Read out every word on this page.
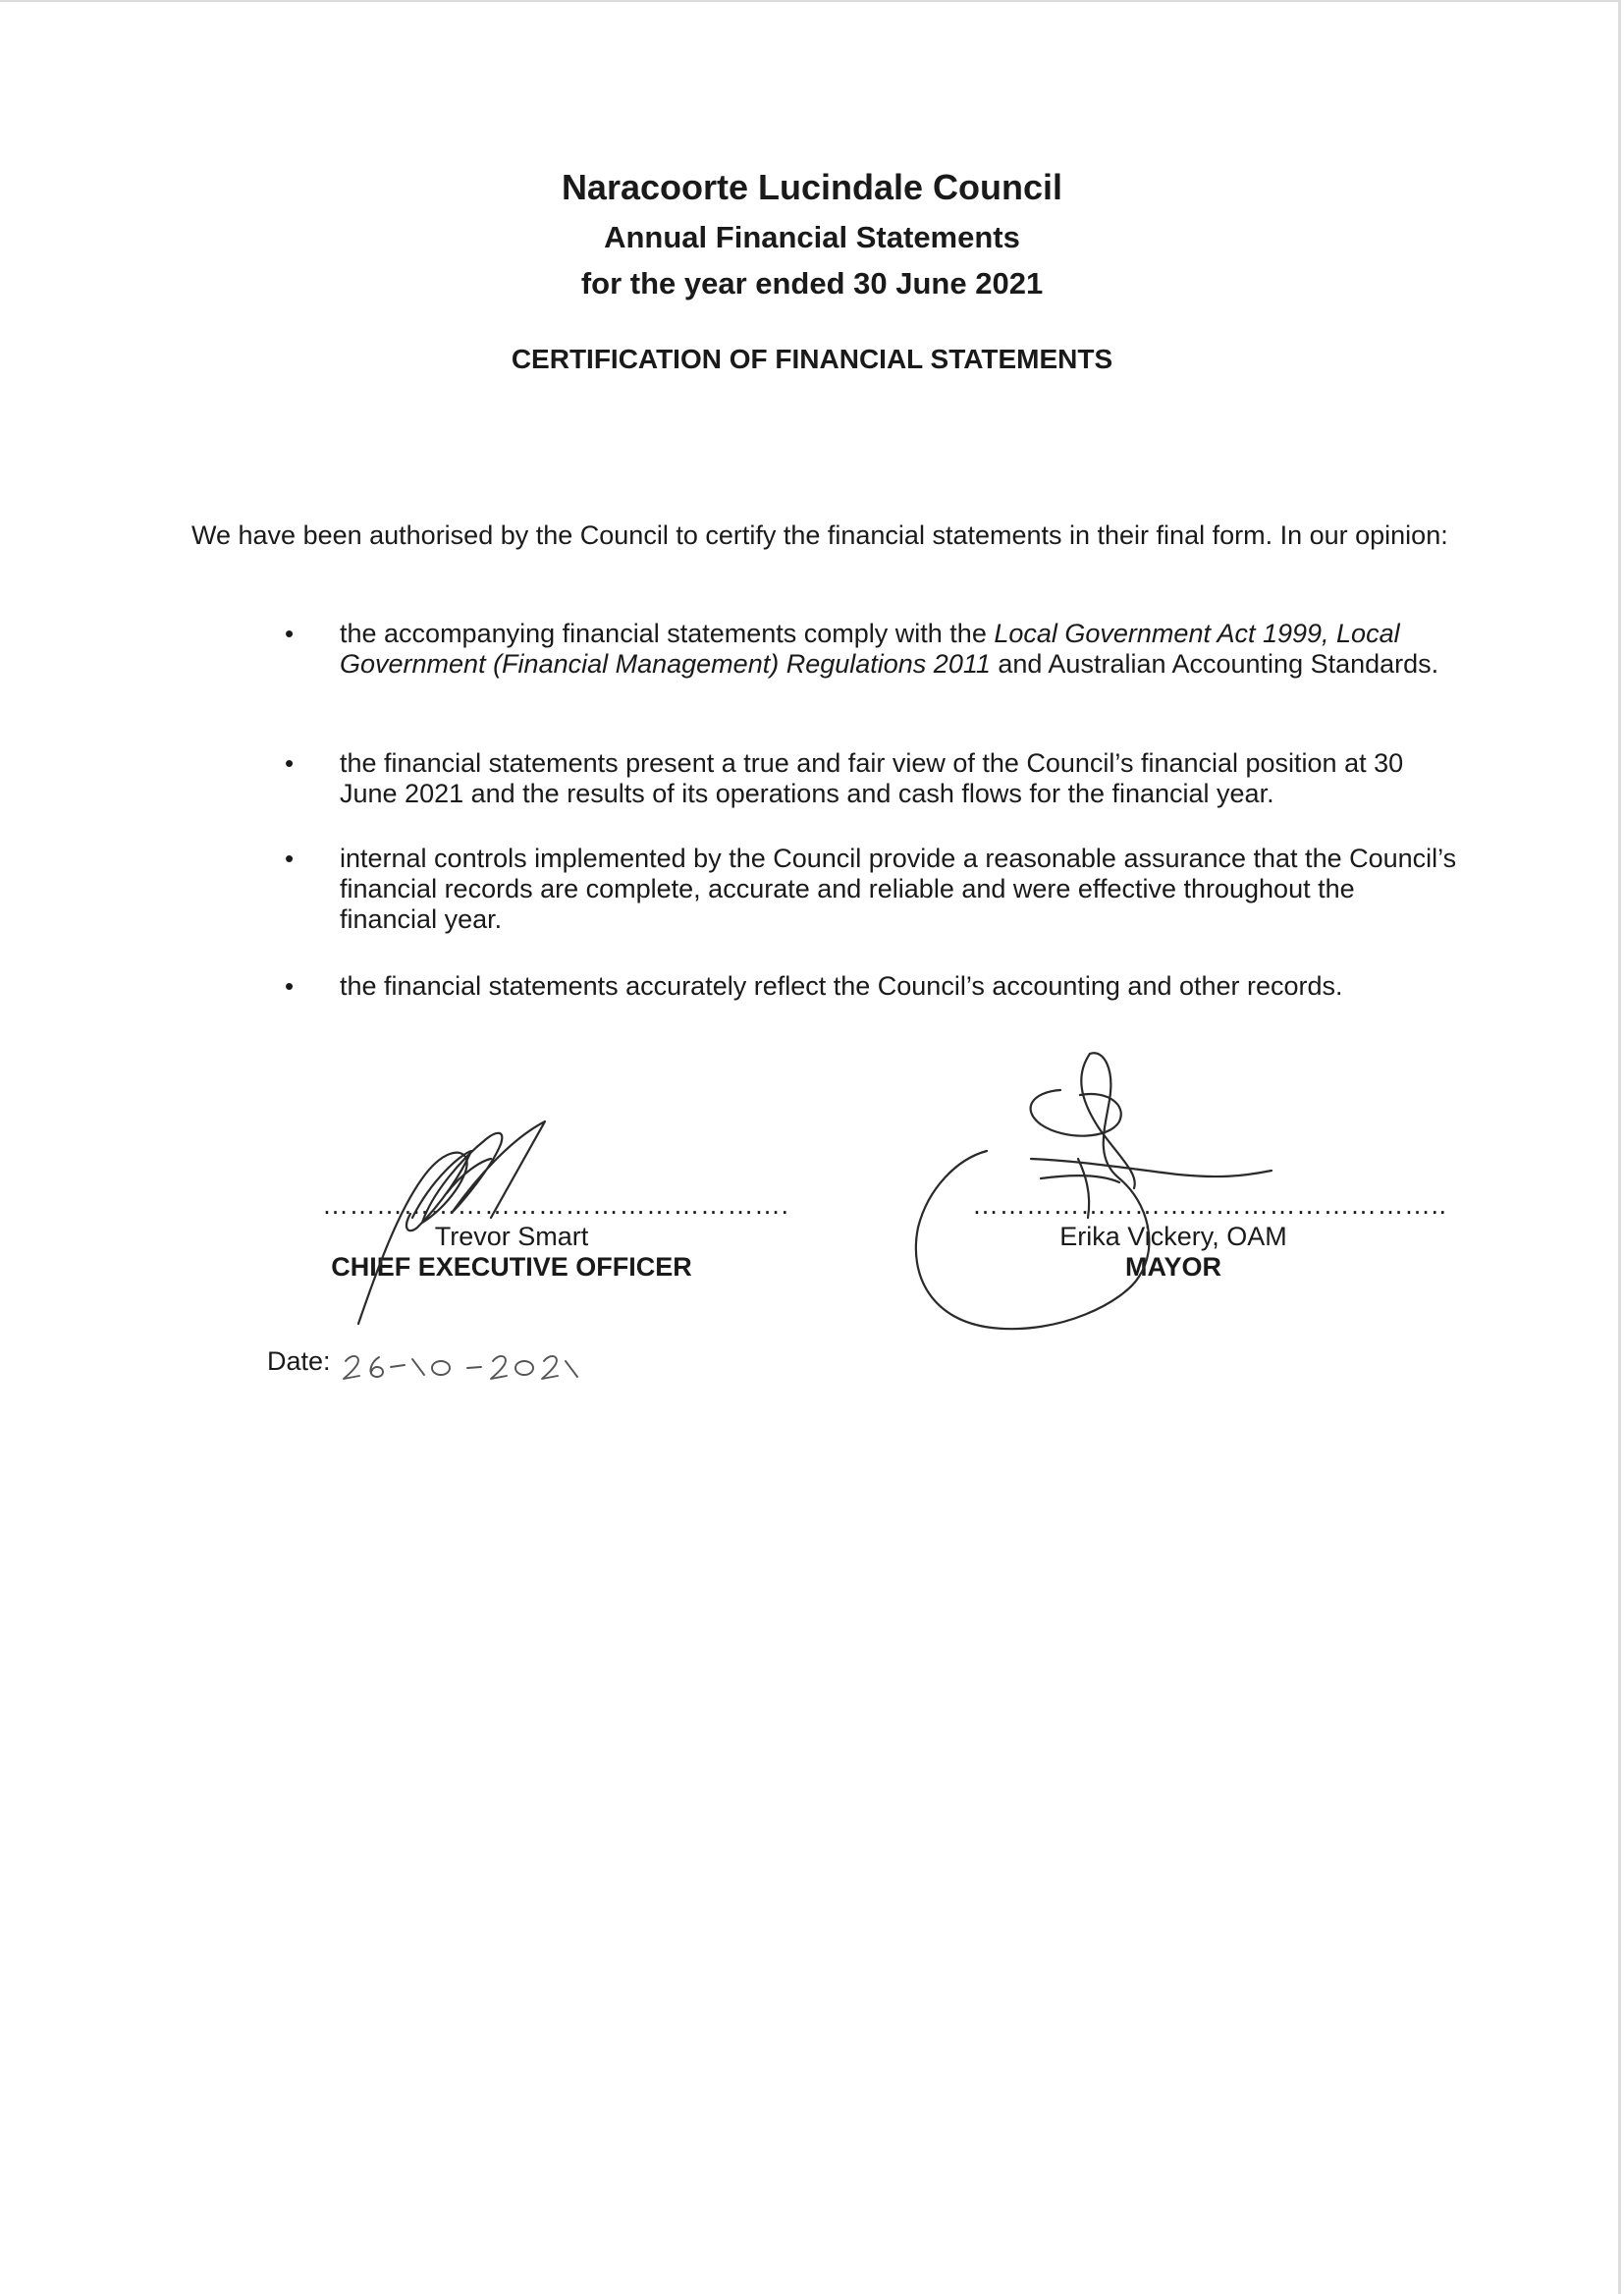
Naracoorte Lucindale Council
Annual Financial Statements
for the year ended 30 June 2021
CERTIFICATION OF FINANCIAL STATEMENTS

We have been authorised by the Council to certify the financial statements in their final form. In our opinion:

• the accompanying financial statements comply with the Local Government Act 1999, Local Government (Financial Management) Regulations 2011 and Australian Accounting Standards.
• the financial statements present a true and fair view of the Council’s financial position at 30 June 2021 and the results of its operations and cash flows for the financial year.
• internal controls implemented by the Council provide a reasonable assurance that the Council’s financial records are complete, accurate and reliable and were effective throughout the financial year.
• the financial statements accurately reflect the Council’s accounting and other records.
…………………………………………….
Trevor Smart
CHIEF EXECUTIVE OFFICER
……………………………………………..
Erika Vickery, OAM
MAYOR
Date:
